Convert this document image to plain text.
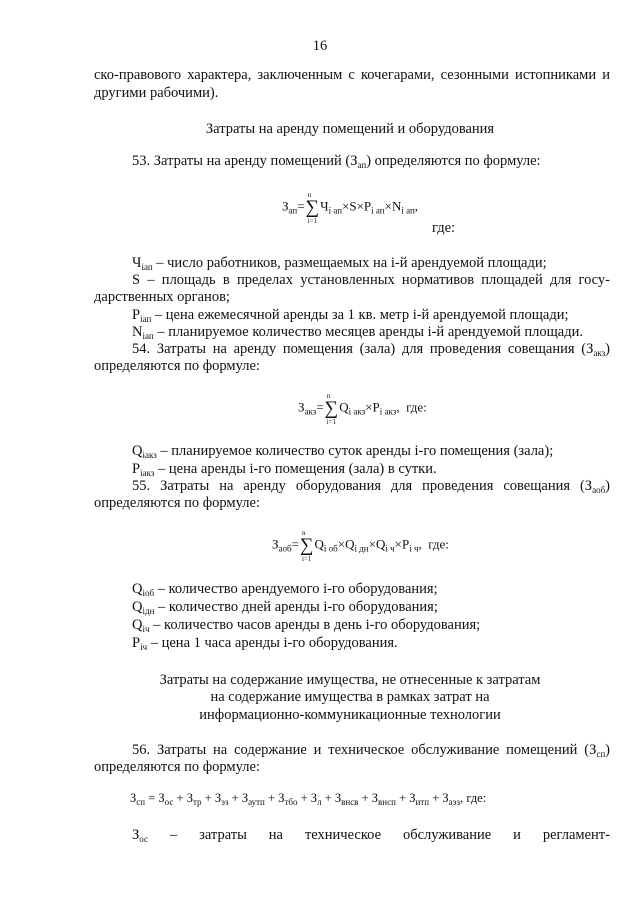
16
ско-правового характера, заключенным с кочегарами, сезонными истопниками и
другими рабочими).
Затраты на аренду помещений и оборудования
53. Затраты на аренду помещений $(З_{ап})$ определяются по формуле:
$З_{ап}=\sum$
n
i=1
$Ч_{i ап}\times S\times P_{i ап}\times N_{i ап}$,
где:
$Ч_{iап}$ – число работников, размещаемых на i-й арендуемой площади;
S – площадь в пределах установленных нормативов площадей для госу-
дарственных органов;
$P_{iап}$ – цена ежемесячной аренды за 1 кв. метр i-й арендуемой площади;
$N_{iап}$ – планируемое количество месяцев аренды i-й арендуемой площади.
54. Затраты на аренду помещения (зала) для проведения совещания $(З_{акз})$
определяются по формуле:
$З_{акз}=\sum$
n
i=1
$Q_{i акз}\times P_{i акз}$, где:
$Q_{iакз}$ – планируемое количество суток аренды i-го помещения (зала);
$P_{iакз}$ – цена аренды i-го помещения (зала) в сутки.
55. Затраты на аренду оборудования для проведения совещания $(З_{аоб})$
определяются по формуле:
$З_{аоб}=\sum$
n
i=1
$Q_{i об}\times Q_{i дн}\times Q_{i ч}\times P_{i ч}$, где:
$Q_{iоб}$ – количество арендуемого i-го оборудования;
$Q_{iдн}$ – количество дней аренды i-го оборудования;
$Q_{iч}$ – количество часов аренды в день i-го оборудования;
$P_{iч}$ – цена 1 часа аренды i-го оборудования.
Затраты на содержание имущества, не отнесенные к затратам
на содержание имущества в рамках затрат на
информационно-коммуникационные технологии
56. Затраты на содержание и техническое обслуживание помещений $(З_{сп})$
определяются по формуле:
$З_{сп} = З_{ос} + З_{тр} + З_{эз} + З_{аутп} + З_{тбо} + З_л + З_{внсв} + З_{внсп} + З_{итп} + З_{аэз}$, где:
$З_{ос}$ – затраты на техническое обслуживание и регламент-
